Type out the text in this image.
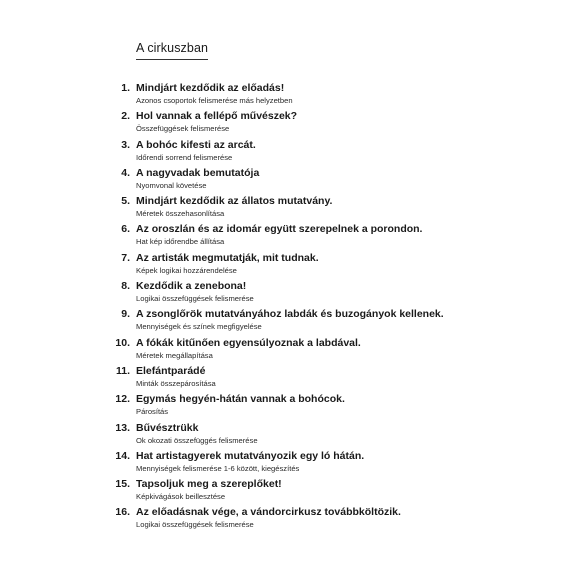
A cirkuszban
1. Mindjárt kezdődik az előadás!
Azonos csoportok felismerése más helyzetben
2. Hol vannak a fellépő művészek?
Összefüggések felismerése
3. A bohóc kifesti az arcát.
Időrendi sorrend felismerése
4. A nagyvadak bemutatója
Nyomvonal követése
5. Mindjárt kezdődik az állatos mutatvány.
Méretek összehasonlítása
6. Az oroszlán és az idomár együtt szerepelnek a porondon.
Hat kép időrendbe állítása
7. Az artisták megmutatják, mit tudnak.
Képek logikai hozzárendelése
8. Kezdődik a zenebona!
Logikai összefüggések felismerése
9. A zsonglőrök mutatványához labdák és buzogányok kellenek.
Mennyiségek és színek megfigyelése
10. A fókák kitűnően egyensúlyoznak a labdával.
Méretek megállapítása
11. Elefántparádé
Minták összepárosítása
12. Egymás hegyén-hátán vannak a bohócok.
Párosítás
13. Bűvésztrükk
Ok okozati összefüggés felismerése
14. Hat artistagyerek mutatványozik egy ló hátán.
Mennyiségek felismerése 1-6 között, kiegészítés
15. Tapsoljuk meg a szereplőket!
Képkivágások beillesztése
16. Az előadásnak vége, a vándorcirkusz továbbköltözik.
Logikai összefüggések felismerése
